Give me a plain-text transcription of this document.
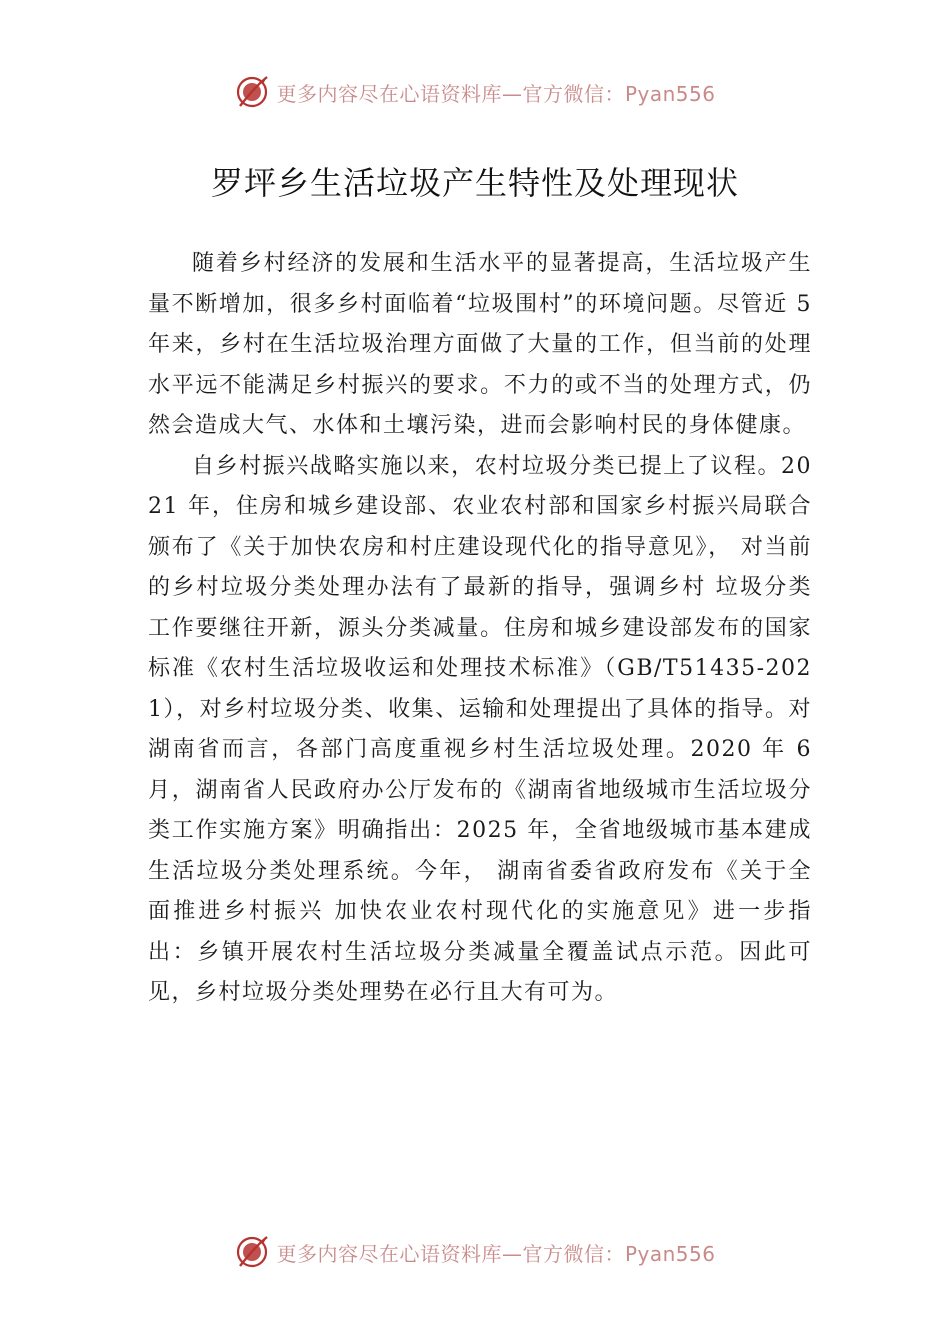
更多内容尽在心语资料库—官方微信：Pyan556
罗坪乡生活垃圾产生特性及处理现状

随着乡村经济的发展和生活水平的显著提高，生活垃圾产生量不断增加，很多乡村面临着“垃圾围村”的环境问题。尽管近 5 年来，乡村在生活垃圾治理方面做了大量的工作，但当前的处理水平远不能满足乡村振兴的要求。不力的或不当的处理方式，仍然会造成大气、水体和土壤污染，进而会影响村民的身体健康。

自乡村振兴战略实施以来，农村垃圾分类已提上了议程。2021 年，住房和城乡建设部、农业农村部和国家乡村振兴局联合颁布了《关于加快农房和村庄建设现代化的指导意见》， 对当前的乡村垃圾分类处理办法有了最新的指导，强调乡村 垃圾分类工作要继往开新，源头分类减量。住房和城乡建设部发布的国家标准《农村生活垃圾收运和处理技术标准》（GB/T51435-2021），对乡村垃圾分类、收集、运输和处理提出了具体的指导。对湖南省而言，各部门高度重视乡村生活垃圾处理。2020 年 6 月，湖南省人民政府办公厅发布的《湖南省地级城市生活垃圾分类工作实施方案》明确指出：2025 年，全省地级城市基本建成生活垃圾分类处理系统。今年， 湖南省委省政府发布《关于全面推进乡村振兴 加快农业农村现代化的实施意见》进一步指出：乡镇开展农村生活垃圾分类减量全覆盖试点示范。因此可见，乡村垃圾分类处理势在必行且大有可为。

更多内容尽在心语资料库—官方微信：Pyan556
